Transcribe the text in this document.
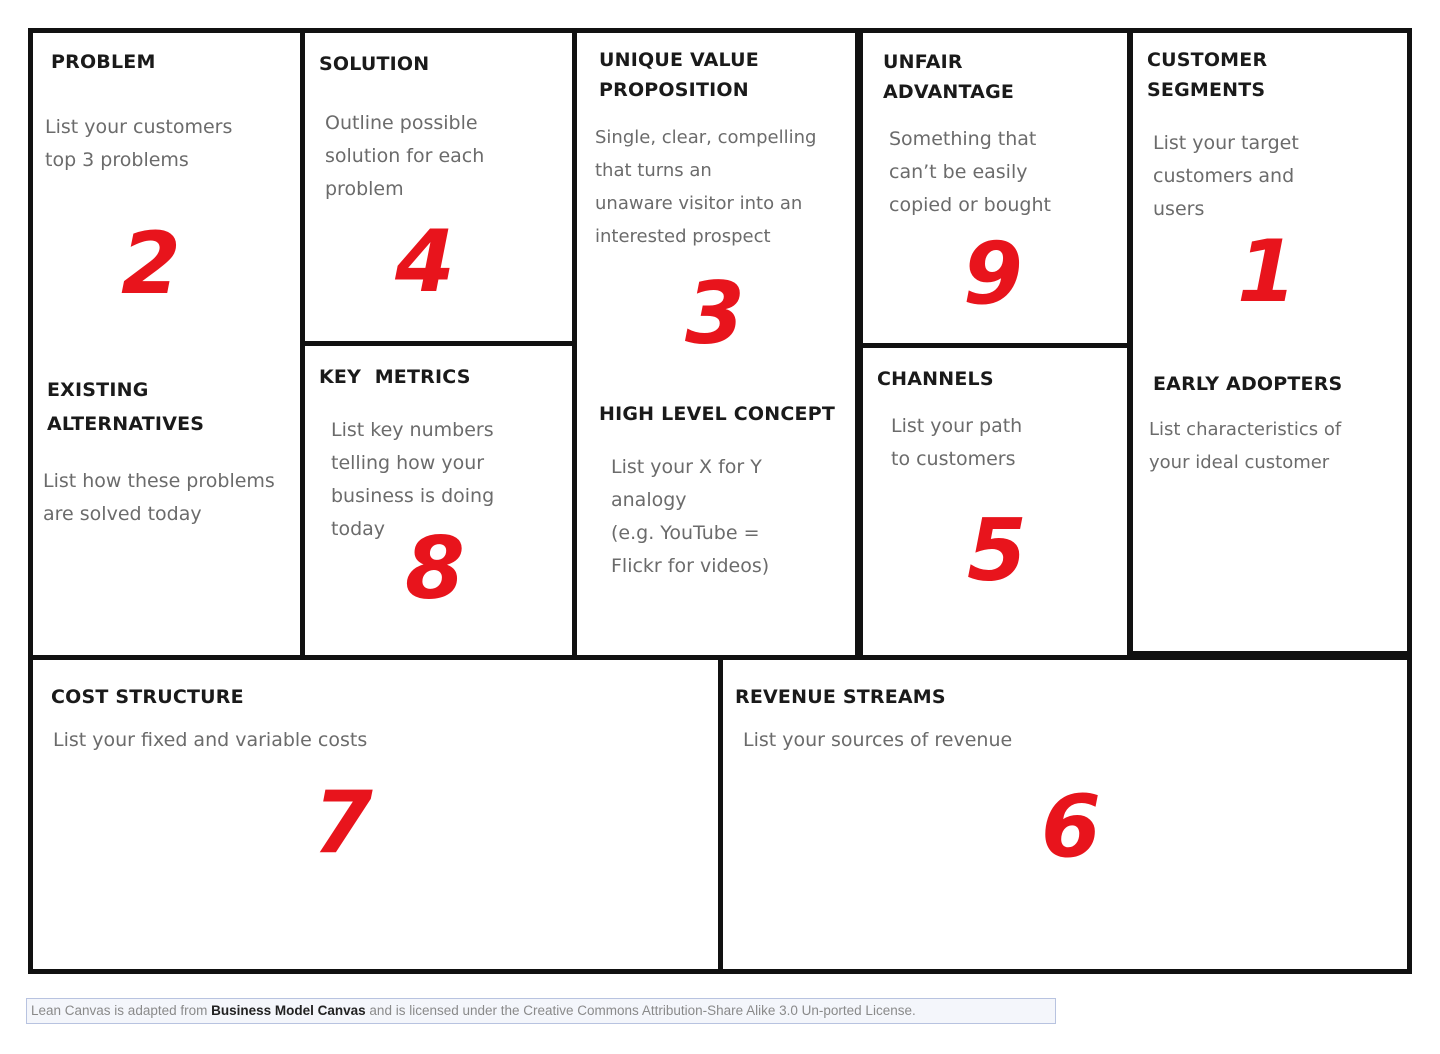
PROBLEM
List your customers
top 3 problems
2
EXISTING
ALTERNATIVES
List how these problems
are solved today
SOLUTION
Outline possible
solution for each
problem
4
KEY  METRICS
List key numbers
telling how your
business is doing
today 8
UNIQUE VALUE
PROPOSITION
Single, clear, compelling
that turns an
unaware visitor into an
interested prospect
3
HIGH LEVEL CONCEPT
List your X for Y
analogy
(e.g. YouTube =
Flickr for videos)
UNFAIR
ADVANTAGE
Something that
can’t be easily
copied or bought
9
CHANNELS
List your path
to customers
5
CUSTOMER
SEGMENTS
List your target
customers and
users
1
EARLY ADOPTERS
List characteristics of
your ideal customer
COST STRUCTURE
List your fixed and variable costs
7
REVENUE STREAMS
List your sources of revenue
6
Lean Canvas is adapted from Business Model Canvas and is licensed under the Creative Commons Attribution-Share Alike 3.0 Un-ported License.
